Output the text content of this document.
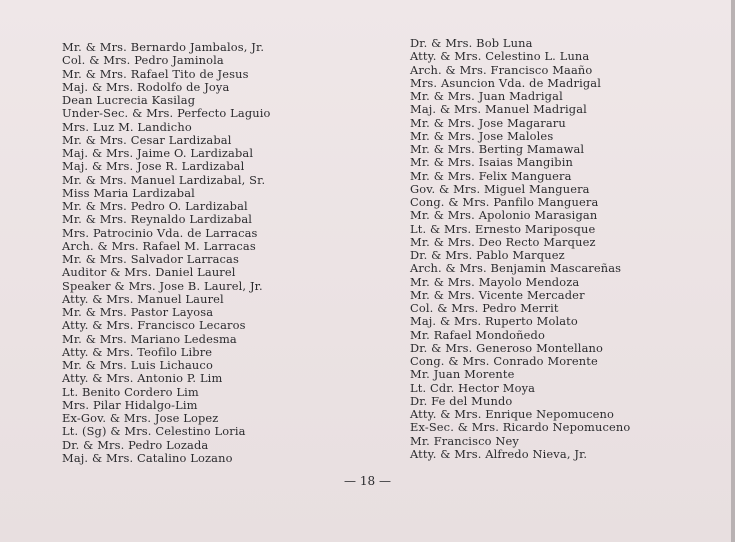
Mr. & Mrs. Bernardo Jambalos, Jr.
Col. & Mrs. Pedro Jaminola
Mr. & Mrs. Rafael Tito de Jesus
Maj. & Mrs. Rodolfo de Joya
Dean Lucrecia Kasilag
Under-Sec. & Mrs. Perfecto Laguio
Mrs. Luz M. Landicho
Mr. & Mrs. Cesar Lardizabal
Maj. & Mrs. Jaime O. Lardizabal
Maj. & Mrs. Jose R. Lardizabal
Mr. & Mrs. Manuel Lardizabal, Sr.
Miss Maria Lardizabal
Mr. & Mrs. Pedro O. Lardizabal
Mr. & Mrs. Reynaldo Lardizabal
Mrs. Patrocinio Vda. de Larracas
Arch. & Mrs. Rafael M. Larracas
Mr. & Mrs. Salvador Larracas
Auditor & Mrs. Daniel Laurel
Speaker & Mrs. Jose B. Laurel, Jr.
Atty. & Mrs. Manuel Laurel
Mr. & Mrs. Pastor Layosa
Atty. & Mrs. Francisco Lecaros
Mr. & Mrs. Mariano Ledesma
Atty. & Mrs. Teofilo Libre
Mr. & Mrs. Luis Lichauco
Atty. & Mrs. Antonio P. Lim
Lt. Benito Cordero Lim
Mrs. Pilar Hidalgo-Lim
Ex-Gov. & Mrs. Jose Lopez
Lt. (Sg) & Mrs. Celestino Loria
Dr. & Mrs. Pedro Lozada
Maj. & Mrs. Catalino Lozano
Dr. & Mrs. Bob Luna
Atty. & Mrs. Celestino L. Luna
Arch. & Mrs. Francisco Maaño
Mrs. Asuncion Vda. de Madrigal
Mr. & Mrs. Juan Madrigal
Maj. & Mrs. Manuel Madrigal
Mr. & Mrs. Jose Magararu
Mr. & Mrs. Jose Maloles
Mr. & Mrs. Berting Mamawal
Mr. & Mrs. Isaias Mangibin
Mr. & Mrs. Felix Manguera
Gov. & Mrs. Miguel Manguera
Cong. & Mrs. Panfilo Manguera
Mr. & Mrs. Apolonio Marasigan
Lt. & Mrs. Ernesto Mariposque
Mr. & Mrs. Deo Recto Marquez
Dr. & Mrs. Pablo Marquez
Arch. & Mrs. Benjamin Mascareñas
Mr. & Mrs. Mayolo Mendoza
Mr. & Mrs. Vicente Mercader
Col. & Mrs. Pedro Merrit
Maj. & Mrs. Ruperto Molato
Mr. Rafael Mondoñedo
Dr. & Mrs. Generoso Montellano
Cong. & Mrs. Conrado Morente
Mr. Juan Morente
Lt. Cdr. Hector Moya
Dr. Fe del Mundo
Atty. & Mrs. Enrique Nepomuceno
Ex-Sec. & Mrs. Ricardo Nepomuceno
Mr. Francisco Ney
Atty. & Mrs. Alfredo Nieva, Jr.
— 18 —
